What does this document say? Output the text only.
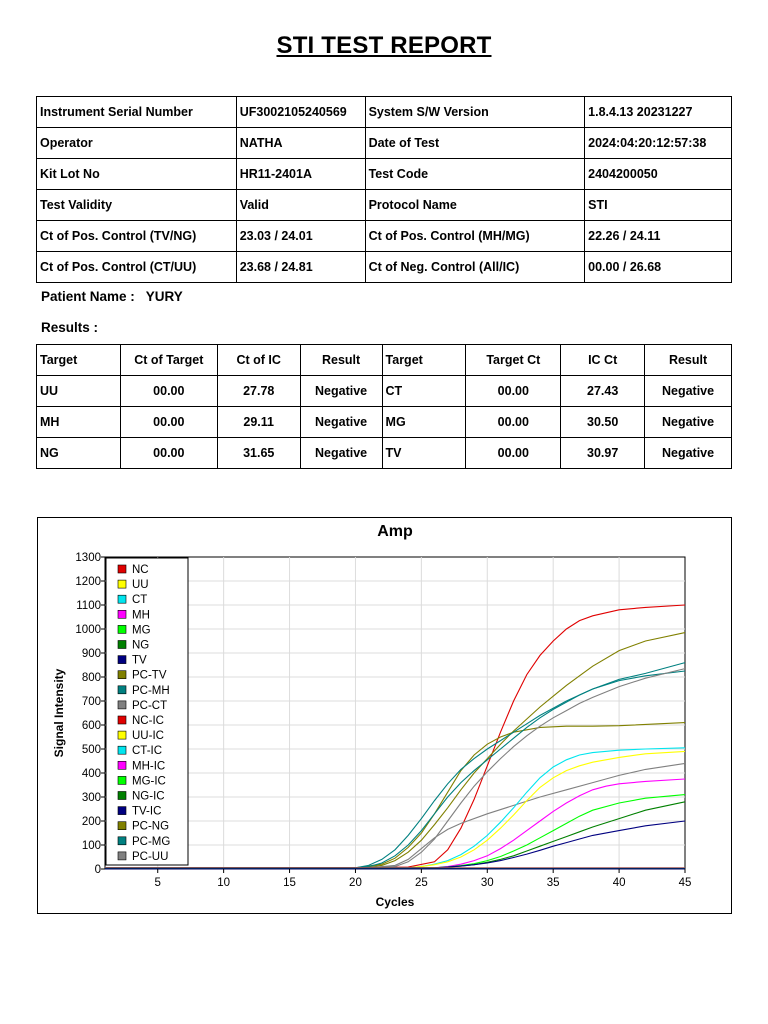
STI TEST REPORT
Instrument Serial Number	UF3002105240569	System S/W Version	1.8.4.13 20231227
Operator	NATHA	Date of Test	2024:04:20:12:57:38
Kit Lot No	HR11-2401A	Test Code	2404200050
Test Validity	Valid	Protocol Name	STI
Ct of Pos. Control (TV/NG)	23.03 / 24.01	Ct of Pos. Control (MH/MG)	22.26 / 24.11
Ct of Pos. Control (CT/UU)	23.68 / 24.81	Ct of Neg. Control (All/IC)	00.00 / 26.68
Patient Name : YURY
Results :
Target	Ct of Target	Ct of IC	Result	Target	Target Ct	IC Ct	Result
UU	00.00	27.78	Negative	CT	00.00	27.43	Negative
MH	00.00	29.11	Negative	MG	00.00	30.50	Negative
NG	00.00	31.65	Negative	TV	00.00	30.97	Negative
0
100
200
300
400
500
600
700
800
900
1000
1100
1200
1300
5	10	15	20	25	30	35	40	45
Amp
Cycles
Signal Intensity
NC
UU
CT
MH
MG
NG
TV
PC-TV
PC-MH
PC-CT
NC-IC
UU-IC
CT-IC
MH-IC
MG-IC
NG-IC
TV-IC
PC-NG
PC-MG
PC-UU
